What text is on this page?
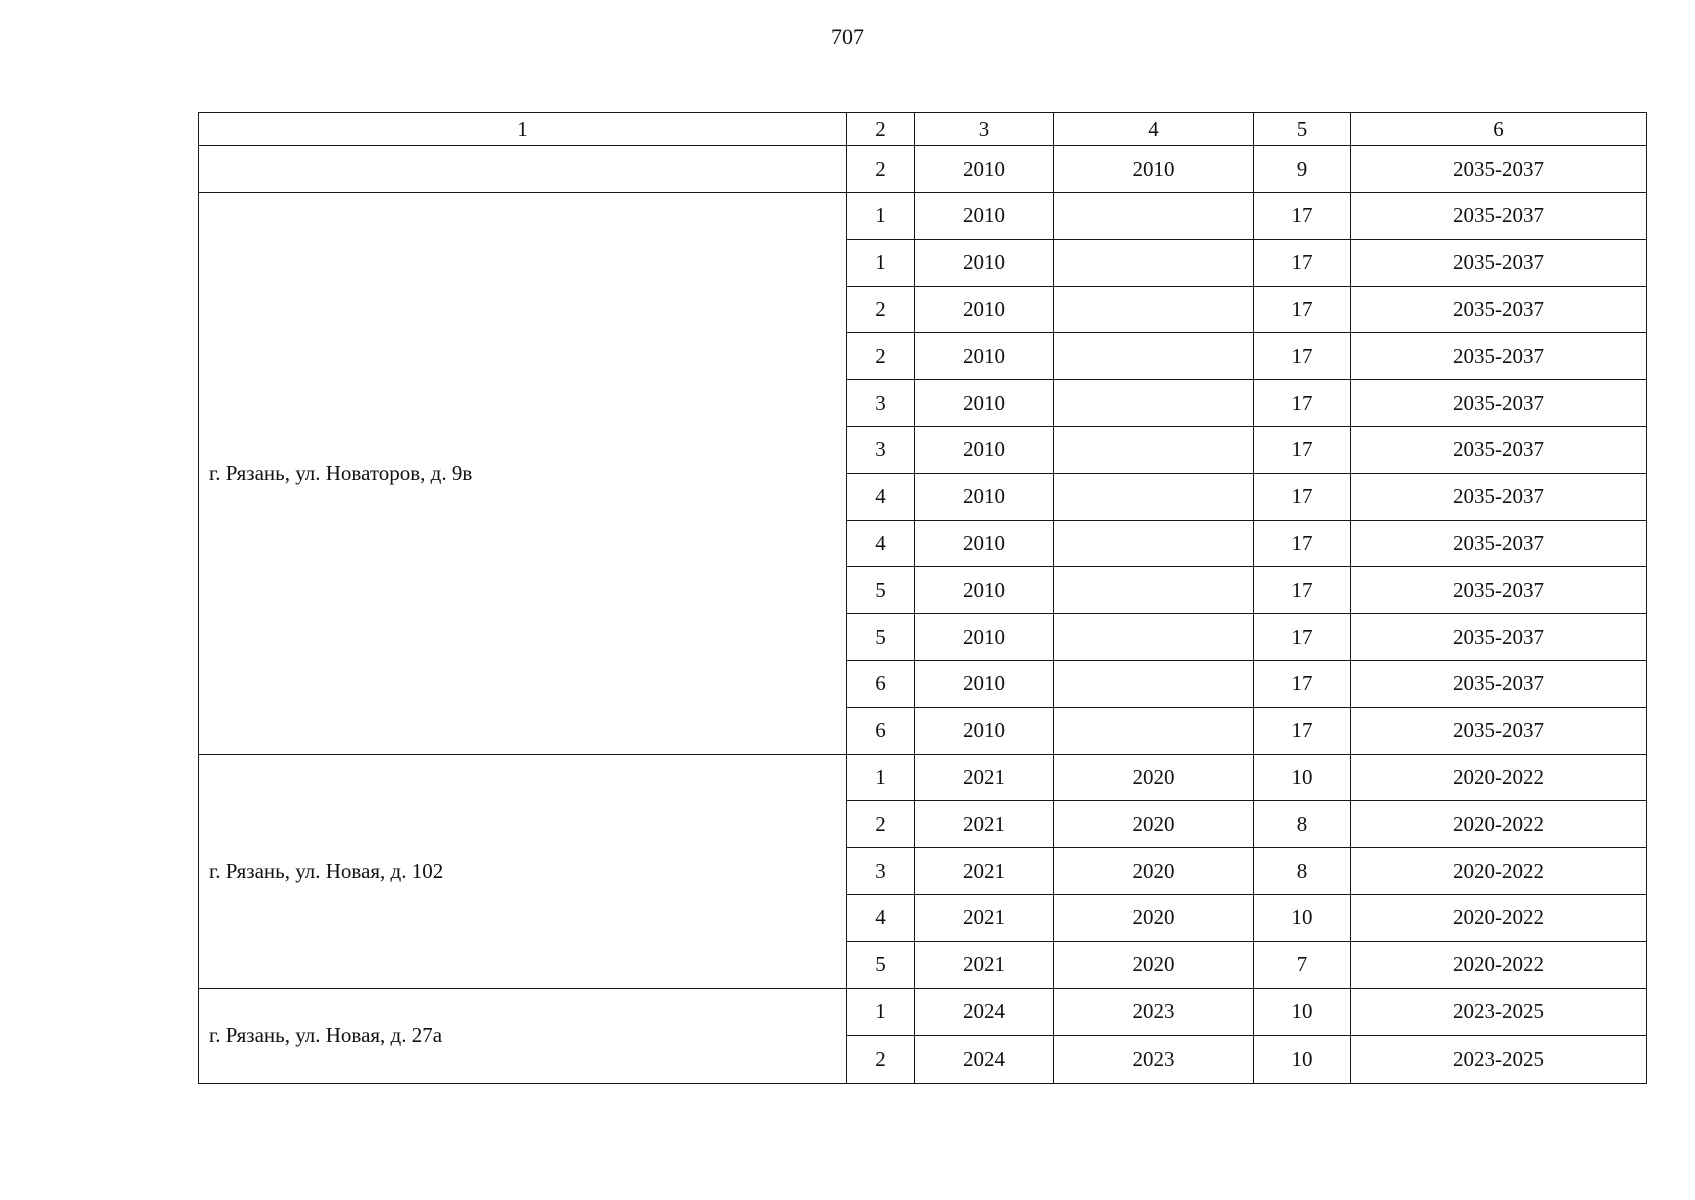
707
1	2	3	4	5	6
	2	2010	2010	9	2035-2037
г. Рязань, ул. Новаторов, д. 9в	1	2010		17	2035-2037
	1	2010		17	2035-2037
	2	2010		17	2035-2037
	2	2010		17	2035-2037
	3	2010		17	2035-2037
	3	2010		17	2035-2037
	4	2010		17	2035-2037
	4	2010		17	2035-2037
	5	2010		17	2035-2037
	5	2010		17	2035-2037
	6	2010		17	2035-2037
	6	2010		17	2035-2037
г. Рязань, ул. Новая, д. 102	1	2021	2020	10	2020-2022
	2	2021	2020	8	2020-2022
	3	2021	2020	8	2020-2022
	4	2021	2020	10	2020-2022
	5	2021	2020	7	2020-2022
г. Рязань, ул. Новая, д. 27а	1	2024	2023	10	2023-2025
	2	2024	2023	10	2023-2025
